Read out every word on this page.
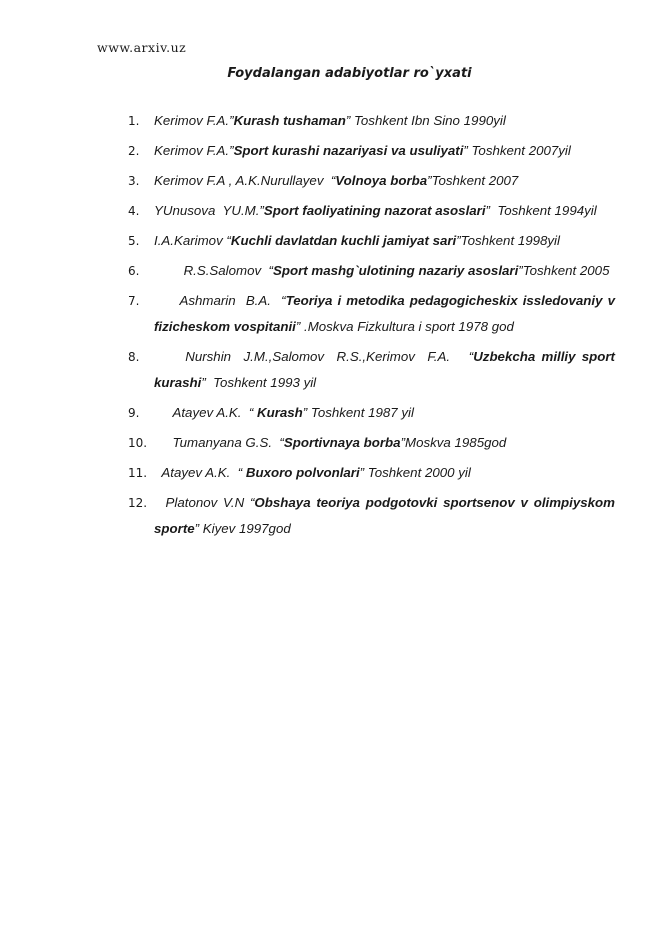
www.arxiv.uz
Foydalangan adabiyotlar ro`yxati
1.	Kerimov F.A.”Kurash tushaman” Toshkent Ibn Sino 1990yil
2.	Kerimov F.A.”Sport kurashi nazariyasi va usuliyati” Toshkent 2007yil
3.	Kerimov F.A , A.K.Nurullayev  “Volnoya borba”Toshkent 2007
4.	YUnusova  YU.M.”Sport faoliyatining nazorat asoslari”  Toshkent 1994yil
5.	I.A.Karimov “Kuchli davlatdan kuchli jamiyat sari”Toshkent 1998yil
6.	R.S.Salomov  “Sport mashg`ulotining nazariy asoslari”Toshkent 2005
7.	Ashmarin  B.A.  “Teoriya i metodika pedagogicheskix issledovaniy v fizicheskom vospitanii” .Moskva Fizkultura i sport 1978 god
8.	Nurshin  J.M.,Salomov  R.S.,Kerimov  F.A.   “Uzbekcha milliy sport kurashi”  Toshkent 1993 yil
9.	Atayev A.K.  “ Kurash” Toshkent 1987 yil
10. Tumanyana G.S.  “Sportivnaya borba”Moskva 1985god
11. Atayev A.K.  “ Buxoro polvonlari” Toshkent 2000 yil
12. Platonov V.N “Obshaya teoriya podgotovki sportsenov v olimpiyskom sporte” Kiyev 1997god
